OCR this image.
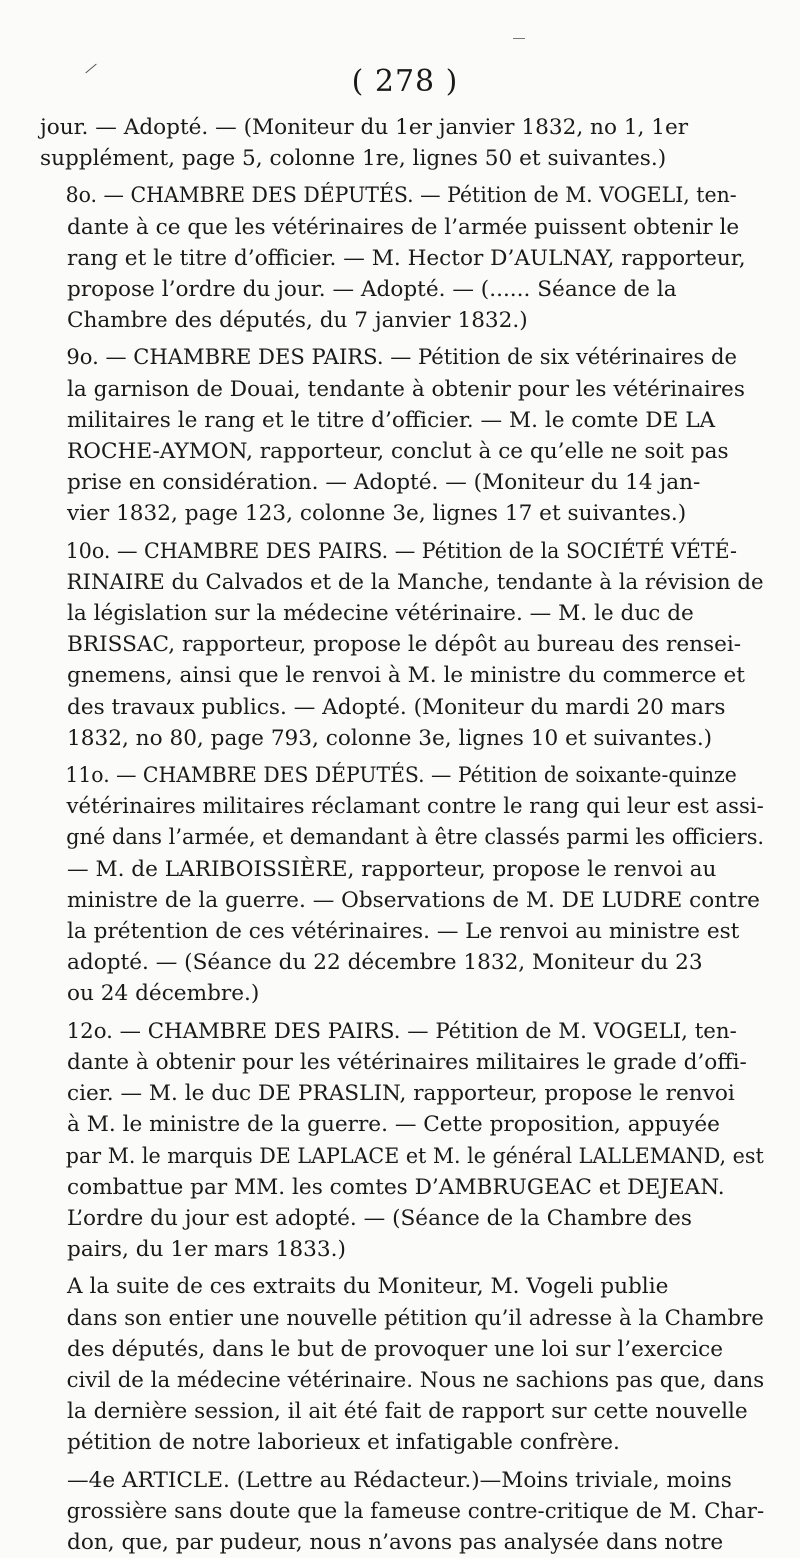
( 278 )

jour. — Adopté. — (Moniteur du 1er janvier 1832, no 1, 1er
supplément, page 5, colonne 1re, lignes 50 et suivantes.)

8o. — CHAMBRE DES DÉPUTÉS. — Pétition de M. VOGELI, ten-
dante à ce que les vétérinaires de l’armée puissent obtenir le
rang et le titre d’officier. — M. Hector D’AULNAY, rapporteur,
propose l’ordre du jour. — Adopté. — (...... Séance de la
Chambre des députés, du 7 janvier 1832.)

9o. — CHAMBRE DES PAIRS. — Pétition de six vétérinaires de
la garnison de Douai, tendante à obtenir pour les vétérinaires
militaires le rang et le titre d’officier. — M. le comte DE LA
ROCHE-AYMON, rapporteur, conclut à ce qu’elle ne soit pas
prise en considération. — Adopté. — (Moniteur du 14 jan-
vier 1832, page 123, colonne 3e, lignes 17 et suivantes.)

10o. — CHAMBRE DES PAIRS. — Pétition de la SOCIÉTÉ VÉTÉ-
RINAIRE du Calvados et de la Manche, tendante à la révision de
la législation sur la médecine vétérinaire. — M. le duc de
BRISSAC, rapporteur, propose le dépôt au bureau des rensei-
gnemens, ainsi que le renvoi à M. le ministre du commerce et
des travaux publics. — Adopté. (Moniteur du mardi 20 mars
1832, no 80, page 793, colonne 3e, lignes 10 et suivantes.)

11o. — CHAMBRE DES DÉPUTÉS. — Pétition de soixante-quinze
vétérinaires militaires réclamant contre le rang qui leur est assi-
gné dans l’armée, et demandant à être classés parmi les officiers.
— M. de LARIBOISSIÈRE, rapporteur, propose le renvoi au
ministre de la guerre. — Observations de M. DE LUDRE contre
la prétention de ces vétérinaires. — Le renvoi au ministre est
adopté. — (Séance du 22 décembre 1832, Moniteur du 23
ou 24 décembre.)

12o. — CHAMBRE DES PAIRS. — Pétition de M. VOGELI, ten-
dante à obtenir pour les vétérinaires militaires le grade d’offi-
cier. — M. le duc DE PRASLIN, rapporteur, propose le renvoi
à M. le ministre de la guerre. — Cette proposition, appuyée
par M. le marquis DE LAPLACE et M. le général LALLEMAND, est
combattue par MM. les comtes D’AMBRUGEAC et DEJEAN.
L’ordre du jour est adopté. — (Séance de la Chambre des
pairs, du 1er mars 1833.)

A la suite de ces extraits du Moniteur, M. Vogeli publie
dans son entier une nouvelle pétition qu’il adresse à la Chambre
des députés, dans le but de provoquer une loi sur l’exercice
civil de la médecine vétérinaire. Nous ne sachions pas que, dans
la dernière session, il ait été fait de rapport sur cette nouvelle
pétition de notre laborieux et infatigable confrère.

—4e ARTICLE. (Lettre au Rédacteur.)—Moins triviale, moins
grossière sans doute que la fameuse contre-critique de M. Char-
don, que, par pudeur, nous n’avons pas analysée dans notre
